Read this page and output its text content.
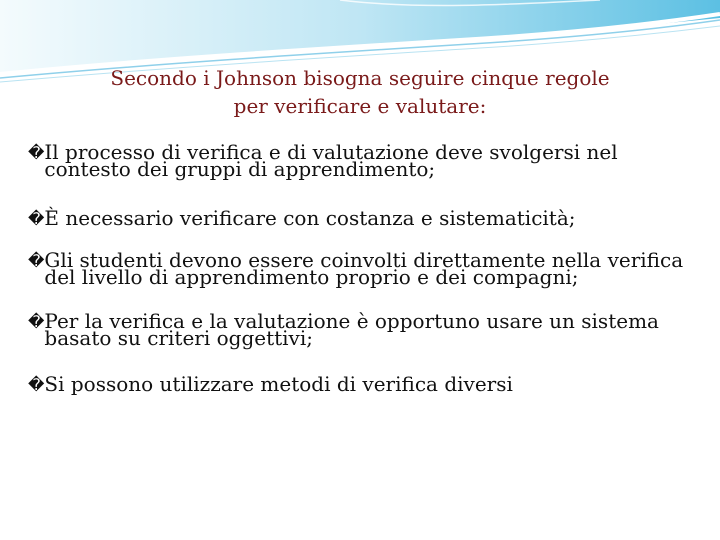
Secondo i Johnson bisogna seguire cinque regole
per verificare e valutare:
� Il processo di verifica e di valutazione deve svolgersi nel contesto dei gruppi di apprendimento;
� È necessario verificare con costanza e sistematicità;
� Gli studenti devono essere coinvolti direttamente nella verifica del livello di apprendimento proprio e dei compagni;
� Per la verifica e la valutazione è opportuno usare un sistema basato su criteri oggettivi;
� Si possono utilizzare metodi di verifica diversi
